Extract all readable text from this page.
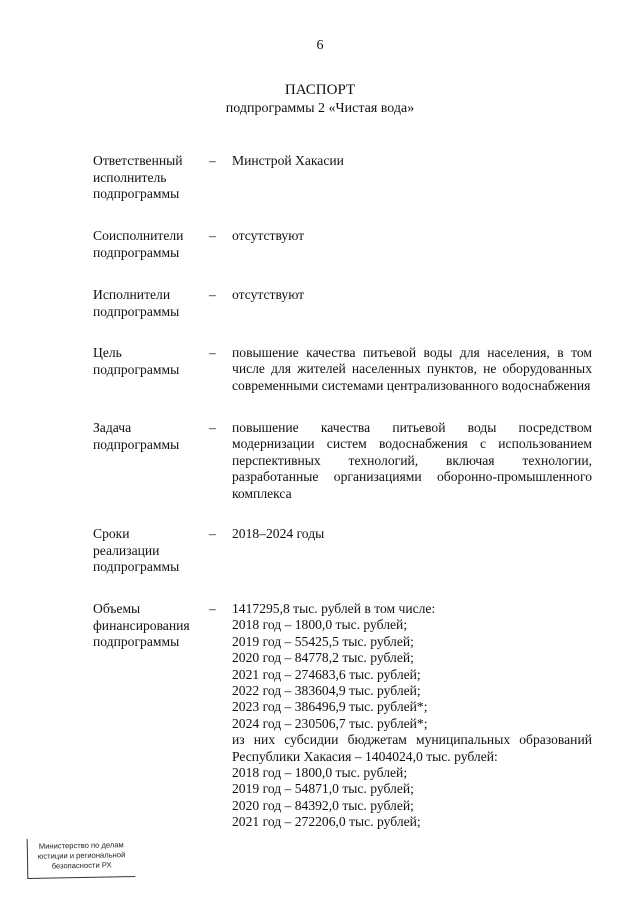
6
ПАСПОРТ
подпрограммы 2 «Чистая вода»
Ответственный
исполнитель
подпрограммы
– Минстрой Хакасии
Соисполнители
подпрограммы
– отсутствуют
Исполнители
подпрограммы
– отсутствуют
Цель
подпрограммы
– повышение качества питьевой воды для населения, в том числе для жителей населенных пунктов, не оборудованных современными системами централизованного водоснабжения
Задача
подпрограммы
– повышение качества питьевой воды посредством модернизации систем водоснабжения с использованием перспективных технологий, включая технологии, разработанные организациями оборонно-промышленного комплекса
Сроки
реализации
подпрограммы
– 2018–2024 годы
Объемы
финансирования
подпрограммы
– 1417295,8 тыс. рублей в том числе:
2018 год – 1800,0 тыс. рублей;
2019 год – 55425,5 тыс. рублей;
2020 год – 84778,2 тыс. рублей;
2021 год – 274683,6 тыс. рублей;
2022 год – 383604,9 тыс. рублей;
2023 год – 386496,9 тыс. рублей*;
2024 год – 230506,7 тыс. рублей*;
из них субсидии бюджетам муниципальных образований Республики Хакасия – 1404024,0 тыс. рублей:
2018 год – 1800,0 тыс. рублей;
2019 год – 54871,0 тыс. рублей;
2020 год – 84392,0 тыс. рублей;
2021 год – 272206,0 тыс. рублей;
Министерство по делам
юстиции и региональной
безопасности РХ
